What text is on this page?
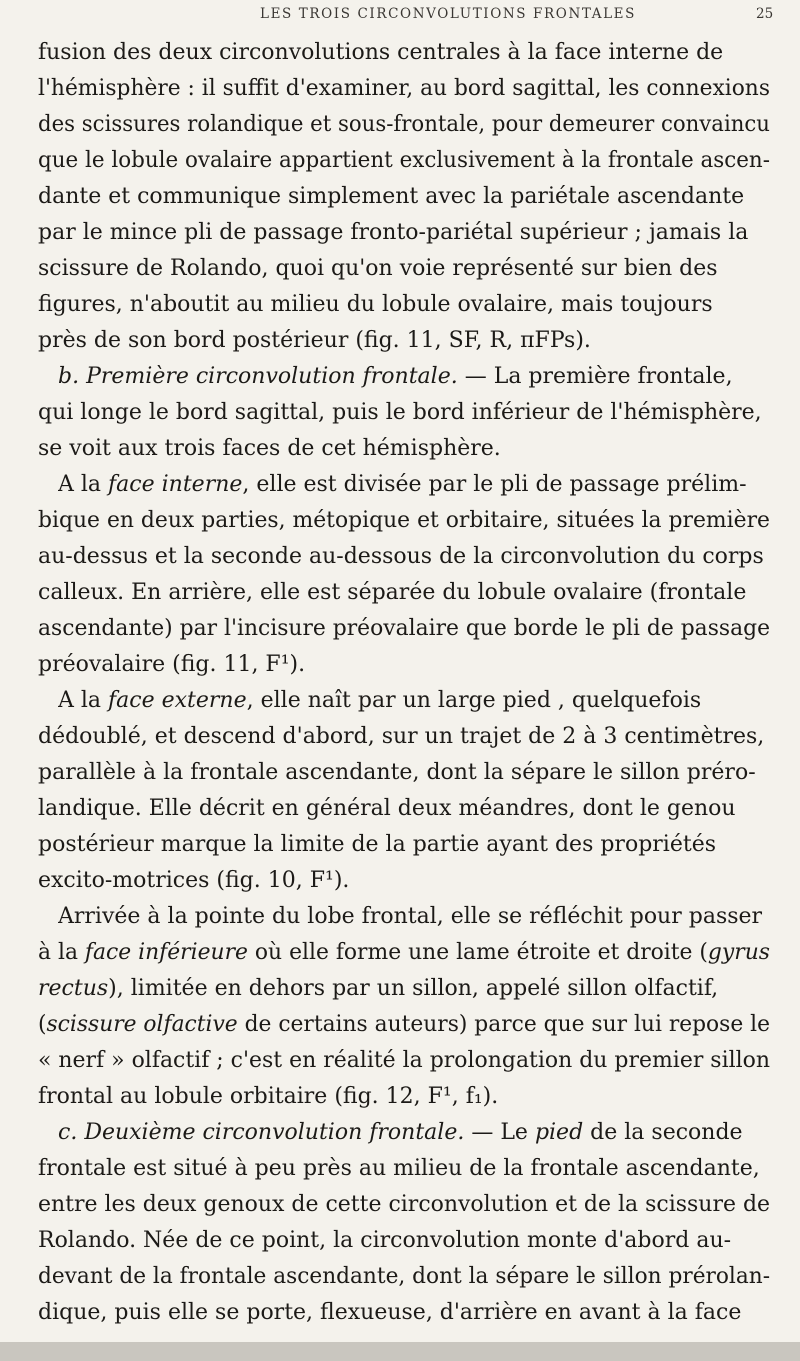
LES TROIS CIRCONVOLUTIONS FRONTALES	25
fusion des deux circonvolutions centrales à la face interne de
l'hémisphère : il suffit d'examiner, au bord sagittal, les connexions
des scissures rolandique et sous-frontale, pour demeurer convaincu
que le lobule ovalaire appartient exclusivement à la frontale ascen-
dante et communique simplement avec la pariétale ascendante
par le mince pli de passage fronto-pariétal supérieur ; jamais la
scissure de Rolando, quoi qu'on voie représenté sur bien des
figures, n'aboutit au milieu du lobule ovalaire, mais toujours
près de son bord postérieur (fig. 11, SF, R, πFPs).
b. Première circonvolution frontale. — La première frontale,
qui longe le bord sagittal, puis le bord inférieur de l'hémisphère,
se voit aux trois faces de cet hémisphère.
A la face interne, elle est divisée par le pli de passage prélim-
bique en deux parties, métopique et orbitaire, situées la première
au-dessus et la seconde au-dessous de la circonvolution du corps
calleux. En arrière, elle est séparée du lobule ovalaire (frontale
ascendante) par l'incisure préovalaire que borde le pli de passage
préovalaire (fig. 11, F¹).
A la face externe, elle naît par un large pied , quelquefois
dédoublé, et descend d'abord, sur un trajet de 2 à 3 centimètres,
parallèle à la frontale ascendante, dont la sépare le sillon préro-
landique. Elle décrit en général deux méandres, dont le genou
postérieur marque la limite de la partie ayant des propriétés
excito-motrices (fig. 10, F¹).
Arrivée à la pointe du lobe frontal, elle se réfléchit pour passer
à la face inférieure où elle forme une lame étroite et droite (gyrus
rectus), limitée en dehors par un sillon, appelé sillon olfactif,
(scissure olfactive de certains auteurs) parce que sur lui repose le
« nerf » olfactif ; c'est en réalité la prolongation du premier sillon
frontal au lobule orbitaire (fig. 12, F¹, f₁).
c. Deuxième circonvolution frontale. — Le pied de la seconde
frontale est situé à peu près au milieu de la frontale ascendante,
entre les deux genoux de cette circonvolution et de la scissure de
Rolando. Née de ce point, la circonvolution monte d'abord au-
devant de la frontale ascendante, dont la sépare le sillon prérolan-
dique, puis elle se porte, flexueuse, d'arrière en avant à la face
